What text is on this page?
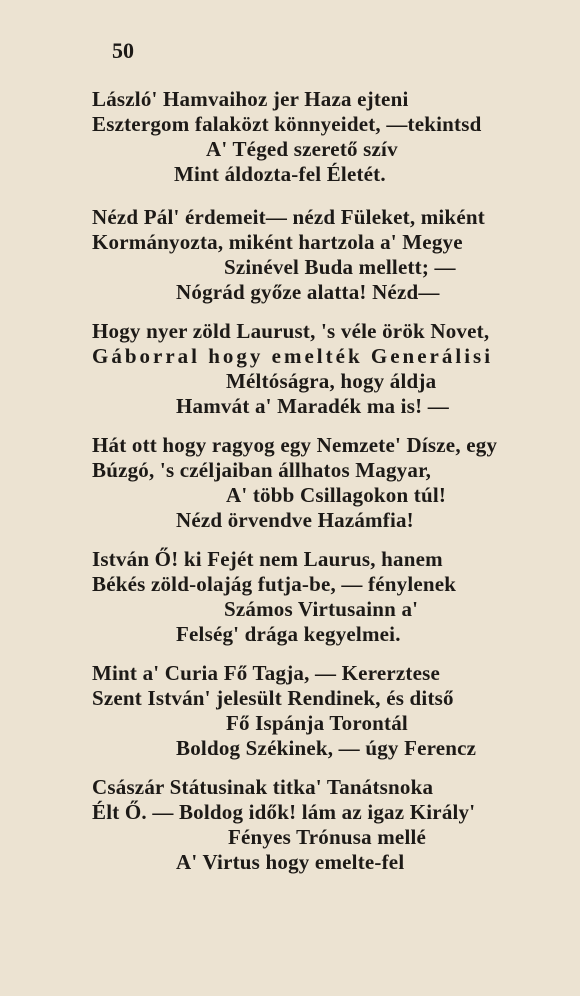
50
László' Hamvaihoz jer Haza ejteni
Esztergom falaközt könnyeidet, —tekintsd
A' Téged szerető szív
Mint áldozta-fel Életét.
Nézd Pál' érdemeit— nézd Füleket, miként
Kormányozta, miként hartzola a' Megye
Szinével Buda mellett; —
Nógrád győze alatta! Nézd—
Hogy nyer zöld Laurust, 's véle örök Novet,
Gáborral hogy emelték Generálisi
Méltóságra, hogy áldja
Hamvát a' Maradék ma is! —
Hát ott hogy ragyog egy Nemzete' Dísze, egy
Búzgó, 's czéljaiban állhatos Magyar,
A' több Csillagokon túl!
Nézd örvendve Hazámfia!
István Ő! ki Fejét nem Laurus, hanem
Békés zöld-olajág futja-be, — fénylenek
Számos Virtusainn a'
Felség' drága kegyelmei.
Mint a' Curia Fő Tagja, — Kererztese
Szent István' jelesült Rendinek, és ditső
Fő Ispánja Torontál
Boldog Székinek, — úgy Ferencz
Császár Státusinak titka' Tanátsnoka
Élt Ő. — Boldog idők! lám az igaz Király'
Fényes Trónusa mellé
A' Virtus hogy emelte-fel
